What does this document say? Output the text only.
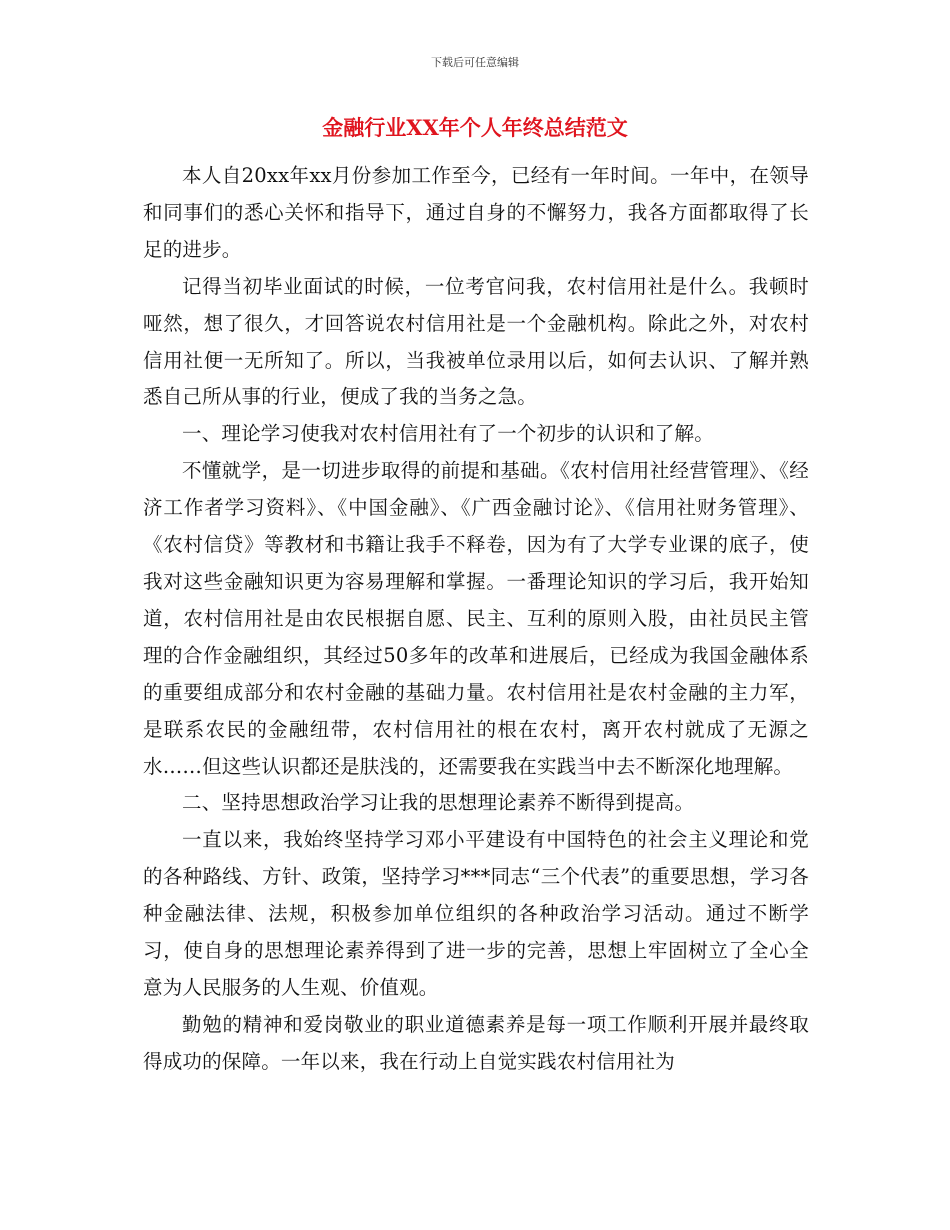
下载后可任意编辑
金融行业XX年个人年终总结范文

本人自20xx年xx月份参加工作至今，已经有一年时间。一年中，在领导和同事们的悉心关怀和指导下，通过自身的不懈努力，我各方面都取得了长足的进步。

记得当初毕业面试的时候，一位考官问我，农村信用社是什么。我顿时哑然，想了很久，才回答说农村信用社是一个金融机构。除此之外，对农村信用社便一无所知了。所以，当我被单位录用以后，如何去认识、了解并熟悉自己所从事的行业，便成了我的当务之急。

一、理论学习使我对农村信用社有了一个初步的认识和了解。

不懂就学，是一切进步取得的前提和基础。《农村信用社经营管理》、《经济工作者学习资料》、《中国金融》、《广西金融讨论》、《信用社财务管理》、《农村信贷》等教材和书籍让我手不释卷，因为有了大学专业课的底子，使我对这些金融知识更为容易理解和掌握。一番理论知识的学习后，我开始知道，农村信用社是由农民根据自愿、民主、互利的原则入股，由社员民主管理的合作金融组织，其经过50多年的改革和进展后，已经成为我国金融体系的重要组成部分和农村金融的基础力量。农村信用社是农村金融的主力军，是联系农民的金融纽带，农村信用社的根在农村，离开农村就成了无源之水……但这些认识都还是肤浅的，还需要我在实践当中去不断深化地理解。

二、坚持思想政治学习让我的思想理论素养不断得到提高。

一直以来，我始终坚持学习邓小平建设有中国特色的社会主义理论和党的各种路线、方针、政策，坚持学习***同志“三个代表”的重要思想，学习各种金融法律、法规，积极参加单位组织的各种政治学习活动。通过不断学习，使自身的思想理论素养得到了进一步的完善，思想上牢固树立了全心全意为人民服务的人生观、价值观。

勤勉的精神和爱岗敬业的职业道德素养是每一项工作顺利开展并最终取得成功的保障。一年以来，我在行动上自觉实践农村信用社为
